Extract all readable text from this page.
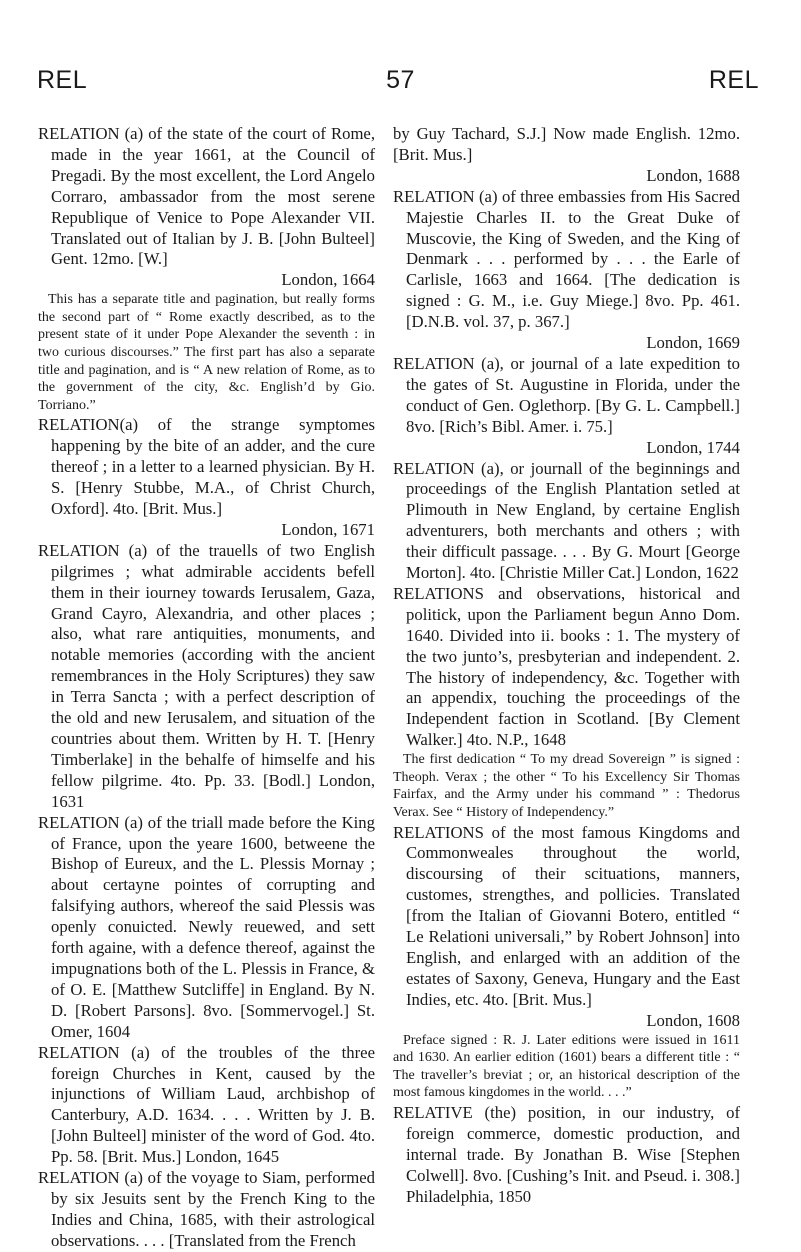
REL	57	REL

RELATION (a) of the state of the court of Rome, made in the year 1661, at the Council of Pregadi. By the most excellent, the Lord Angelo Corraro, ambassador from the most serene Republique of Venice to Pope Alexander VII. Translated out of Italian by J. B. [John Bulteel] Gent. 12mo. [W.]
London, 1664

This has a separate title and pagination, but really forms the second part of “ Rome exactly described, as to the present state of it under Pope Alexander the seventh : in two curious discourses.” The first part has also a separate title and pagination, and is “ A new relation of Rome, as to the government of the city, &c. English’d by Gio. Torriano.”

RELATION(a) of the strange symptomes happening by the bite of an adder, and the cure thereof ; in a letter to a learned physician. By H. S. [Henry Stubbe, M.A., of Christ Church, Oxford]. 4to. [Brit. Mus.]
London, 1671

RELATION (a) of the trauells of two English pilgrimes ; what admirable accidents befell them in their iourney towards Ierusalem, Gaza, Grand Cayro, Alexandria, and other places ; also, what rare antiquities, monuments, and notable memories (according with the ancient remembrances in the Holy Scriptures) they saw in Terra Sancta ; with a perfect description of the old and new Ierusalem, and situation of the countries about them. Written by H. T. [Henry Timberlake] in the behalfe of himselfe and his fellow pilgrime. 4to. Pp. 33. [Bodl.] London, 1631

RELATION (a) of the triall made before the King of France, upon the yeare 1600, betweene the Bishop of Eureux, and the L. Plessis Mornay ; about certayne pointes of corrupting and falsifying authors, whereof the said Plessis was openly conuicted. Newly reuewed, and sett forth againe, with a defence thereof, against the impugnations both of the L. Plessis in France, & of O. E. [Matthew Sutcliffe] in England. By N. D. [Robert Parsons]. 8vo. [Sommervogel.] St. Omer, 1604

RELATION (a) of the troubles of the three foreign Churches in Kent, caused by the injunctions of William Laud, archbishop of Canterbury, A.D. 1634. . . . Written by J. B. [John Bulteel] minister of the word of God. 4to. Pp. 58. [Brit. Mus.] London, 1645

RELATION (a) of the voyage to Siam, performed by six Jesuits sent by the French King to the Indies and China, 1685, with their astrological observations. . . . [Translated from the French

by Guy Tachard, S.J.] Now made English. 12mo. [Brit. Mus.]
London, 1688

RELATION (a) of three embassies from His Sacred Majestie Charles II. to the Great Duke of Muscovie, the King of Sweden, and the King of Denmark . . . performed by . . . the Earle of Carlisle, 1663 and 1664. [The dedication is signed : G. M., i.e. Guy Miege.] 8vo. Pp. 461. [D.N.B. vol. 37, p. 367.]
London, 1669

RELATION (a), or journal of a late expedition to the gates of St. Augustine in Florida, under the conduct of Gen. Oglethorp. [By G. L. Campbell.] 8vo. [Rich’s Bibl. Amer. i. 75.]
London, 1744

RELATION (a), or journall of the beginnings and proceedings of the English Plantation setled at Plimouth in New England, by certaine English adventurers, both merchants and others ; with their difficult passage. . . . By G. Mourt [George Morton]. 4to. [Christie Miller Cat.] London, 1622

RELATIONS and observations, historical and politick, upon the Parliament begun Anno Dom. 1640. Divided into ii. books : 1. The mystery of the two junto’s, presbyterian and independent. 2. The history of independency, &c. Together with an appendix, touching the proceedings of the Independent faction in Scotland. [By Clement Walker.] 4to. N.P., 1648

The first dedication “ To my dread Sovereign ” is signed : Theoph. Verax ; the other “ To his Excellency Sir Thomas Fairfax, and the Army under his command ” : Thedorus Verax. See “ History of Independency.”

RELATIONS of the most famous Kingdoms and Commonweales throughout the world, discoursing of their scituations, manners, customes, strengthes, and pollicies. Translated [from the Italian of Giovanni Botero, entitled “ Le Relationi universali,” by Robert Johnson] into English, and enlarged with an addition of the estates of Saxony, Geneva, Hungary and the East Indies, etc. 4to. [Brit. Mus.]
London, 1608

Preface signed : R. J. Later editions were issued in 1611 and 1630. An earlier edition (1601) bears a different title : “ The traveller’s breviat ; or, an historical description of the most famous kingdomes in the world. . . .”

RELATIVE (the) position, in our industry, of foreign commerce, domestic production, and internal trade. By Jonathan B. Wise [Stephen Colwell]. 8vo. [Cushing’s Init. and Pseud. i. 308.] Philadelphia, 1850
